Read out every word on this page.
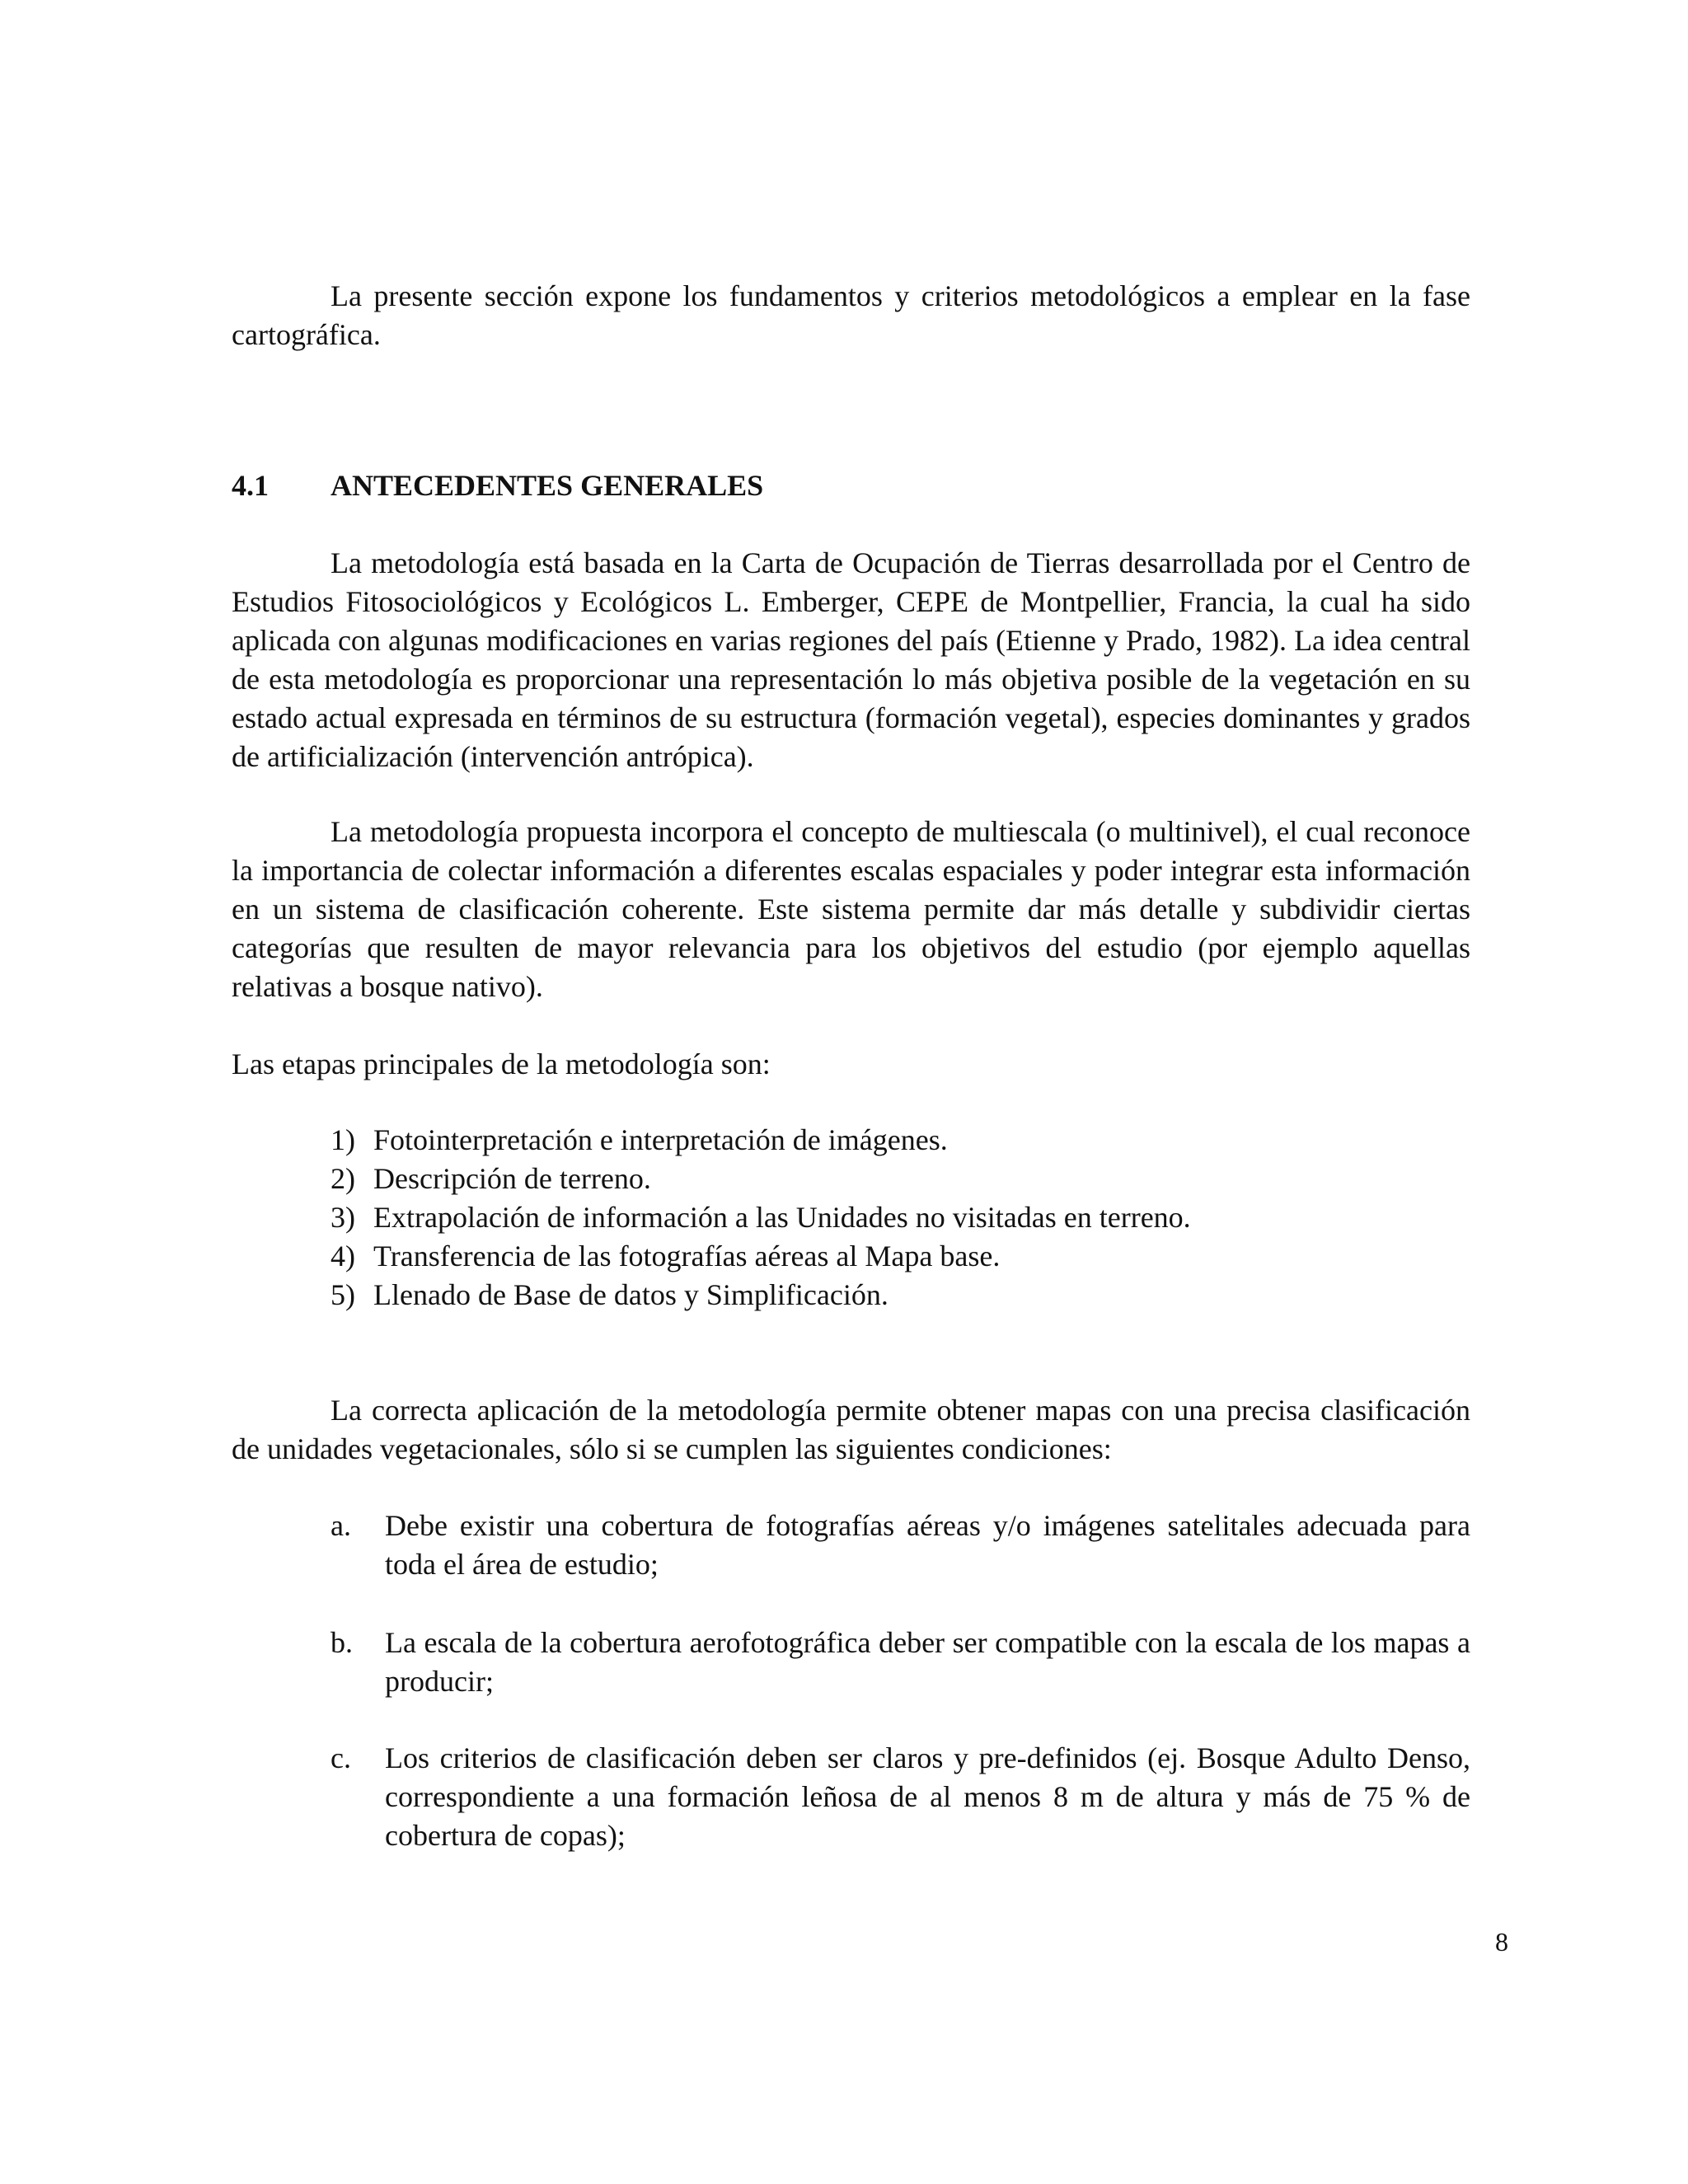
La presente sección expone los fundamentos y criterios metodológicos a emplear en la fase cartográfica.

4.1 ANTECEDENTES GENERALES

La metodología está basada en la Carta de Ocupación de Tierras desarrollada por el Centro de Estudios Fitosociológicos y Ecológicos L. Emberger, CEPE de Montpellier, Francia, la cual ha sido aplicada con algunas modificaciones en varias regiones del país (Etienne y Prado, 1982). La idea central de esta metodología es proporcionar una representación lo más objetiva posible de la vegetación en su estado actual expresada en términos de su estructura (formación vegetal), especies dominantes y grados de artificialización (intervención antrópica).

La metodología propuesta incorpora el concepto de multiescala (o multinivel), el cual reconoce la importancia de colectar información a diferentes escalas espaciales y poder integrar esta información en un sistema de clasificación coherente. Este sistema permite dar más detalle y subdividir ciertas categorías que resulten de mayor relevancia para los objetivos del estudio (por ejemplo aquellas relativas a bosque nativo).

Las etapas principales de la metodología son:

1) Fotointerpretación e interpretación de imágenes.
2) Descripción de terreno.
3) Extrapolación de información a las Unidades no visitadas en terreno.
4) Transferencia de las fotografías aéreas al Mapa base.
5) Llenado de Base de datos y Simplificación.

La correcta aplicación de la metodología permite obtener mapas con una precisa clasificación de unidades vegetacionales, sólo si se cumplen las siguientes condiciones:

a.	Debe existir una cobertura de fotografías aéreas y/o imágenes satelitales adecuada para toda el área de estudio;
b.	La escala de la cobertura aerofotográfica deber ser compatible con la escala de los mapas a producir;
c.	Los criterios de clasificación deben ser claros y pre-definidos (ej. Bosque Adulto Denso, correspondiente a una formación leñosa de al menos 8 m de altura y más de 75 % de cobertura de copas);

8
